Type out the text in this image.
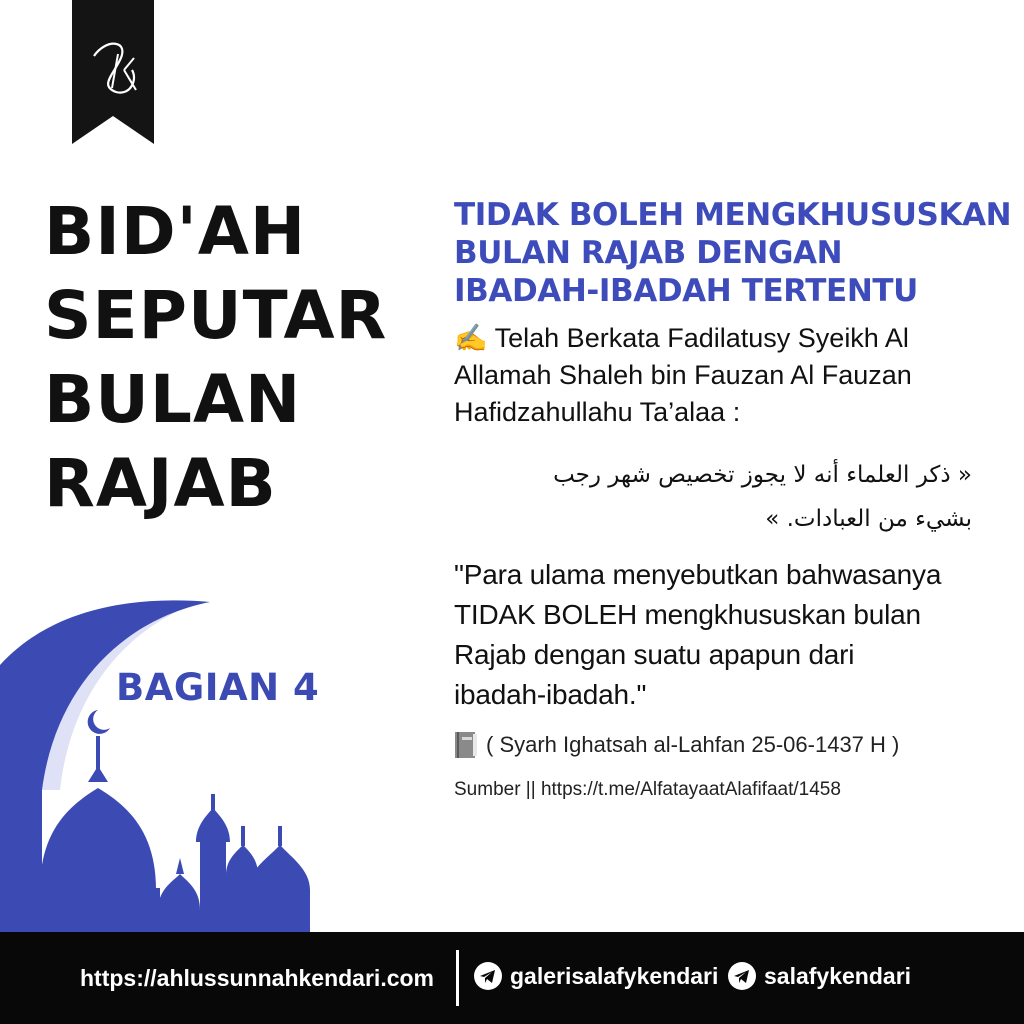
BID'AH
SEPUTAR
BULAN
RAJAB
BAGIAN 4
TIDAK BOLEH MENGKHUSUSKAN
BULAN RAJAB DENGAN
IBADAH-IBADAH TERTENTU
✍ Telah Berkata Fadilatusy Syeikh Al
Allamah Shaleh bin Fauzan Al Fauzan
Hafidzahullahu Ta’alaa :
« ذكر العلماء أنه لا يجوز تخصيص شهر رجب
بشيء من العبادات. »
"Para ulama menyebutkan bahwasanya
TIDAK BOLEH mengkhususkan bulan
Rajab dengan suatu apapun dari
ibadah-ibadah."
( Syarh Ighatsah al-Lahfan 25-06-1437 H )
Sumber || https://t.me/AlfatayaatAlafifaat/1458
https://ahlussunnahkendari.com	galerisalafykendari salafykendari
